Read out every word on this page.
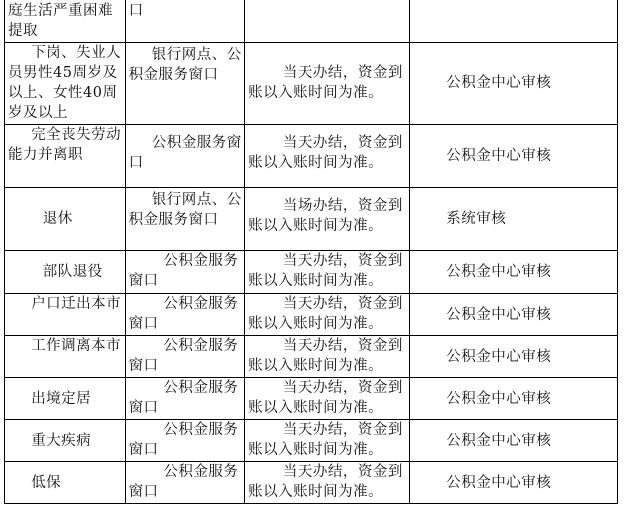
庭生活严重困难提取	口		

下岗、失业人员男性45周岁及以上、女性40周岁及以上	银行网点、公积金服务窗口	当天办结，资金到账以入账时间为准。	公积金中心审核

完全丧失劳动能力并离职	公积金服务窗口	当天办结，资金到账以入账时间为准。	公积金中心审核

退休	银行网点、公积金服务窗口	当场办结，资金到账以入账时间为准。	系统审核

部队退役	公积金服务窗口	当天办结，资金到账以入账时间为准。	公积金中心审核

户口迁出本市	公积金服务窗口	当天办结，资金到账以入账时间为准。	公积金中心审核

工作调离本市	公积金服务窗口	当天办结，资金到账以入账时间为准。	公积金中心审核

出境定居	公积金服务窗口	当天办结，资金到账以入账时间为准。	公积金中心审核

重大疾病	公积金服务窗口	当天办结，资金到账以入账时间为准。	公积金中心审核

低保	公积金服务窗口	当天办结，资金到账以入账时间为准。	公积金中心审核
